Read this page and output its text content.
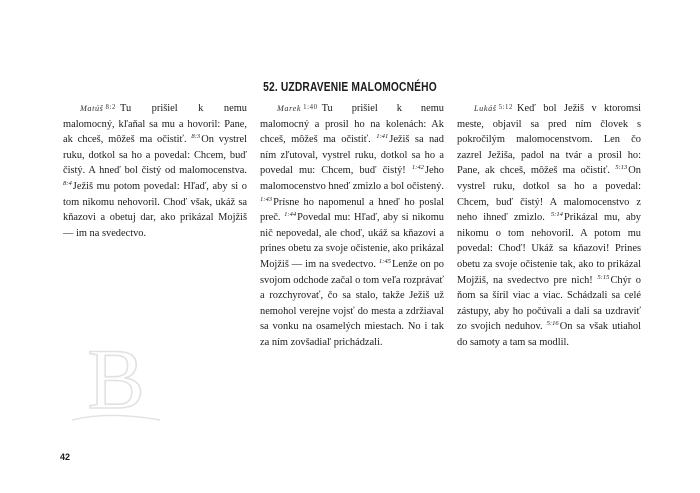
52. UZDRAVENIE MALOMOCNÉHO
Matúš $^{8:2}$ Tu prišiel k nemu malomocný, kľaňal sa mu a hovoril: Pane, ak chceš, môžeš ma očistiť. $^{8:3}$On vystrel ruku, dotkol sa ho a povedal: Chcem, buď čistý. A hneď bol čistý od malomocenstva. $^{8:4}$Ježiš mu potom povedal: Hľaď, aby si o tom nikomu nehovoril. Choď však, ukáž sa kňazovi a obetuj dar, ako prikázal Mojžiš — im na svedectvo.
Marek $^{1:40}$ Tu prišiel k nemu malomocný a prosil ho na kolenách: Ak chceš, môžeš ma očistiť. $^{1:41}$Ježiš sa nad ním zľutoval, vystrel ruku, dotkol sa ho a povedal mu: Chcem, buď čistý! $^{1:42}$Jeho malomocenstvo hneď zmizlo a bol očistený. $^{1:43}$Prísne ho napomenul a hneď ho poslal preč. $^{1:44}$Povedal mu: Hľaď, aby si nikomu nič nepovedal, ale choď, ukáž sa kňazovi a prines obetu za svoje očistenie, ako prikázal Mojžiš — im na svedectvo. $^{1:45}$Lenže on po svojom odchode začal o tom veľa rozprávať a rozchyrovať, čo sa stalo, takže Ježiš už nemohol verejne vojsť do mesta a zdržiaval sa vonku na osamelých miestach. No i tak za ním zovšadiaľ prichádzali.
Lukáš $^{5:12}$ Keď bol Ježiš v ktoromsi meste, objavil sa pred ním človek s pokročilým malomocenstvom. Len čo zazrel Ježiša, padol na tvár a prosil ho: Pane, ak chceš, môžeš ma očistiť. $^{5:13}$On vystrel ruku, dotkol sa ho a povedal: Chcem, buď čistý! A malomocenstvo z neho ihneď zmizlo. $^{5:14}$Prikázal mu, aby nikomu o tom nehovoril. A potom mu povedal: Choď! Ukáž sa kňazovi! Prines obetu za svoje očistenie tak, ako to prikázal Mojžiš, na svedectvo pre nich! $^{5:15}$Chýr o ňom sa šíril viac a viac. Schádzali sa celé zástupy, aby ho počúvali a dali sa uzdraviť zo svojich neduhov. $^{5:16}$On sa však utiahol do samoty a tam sa modlil.
B
42
